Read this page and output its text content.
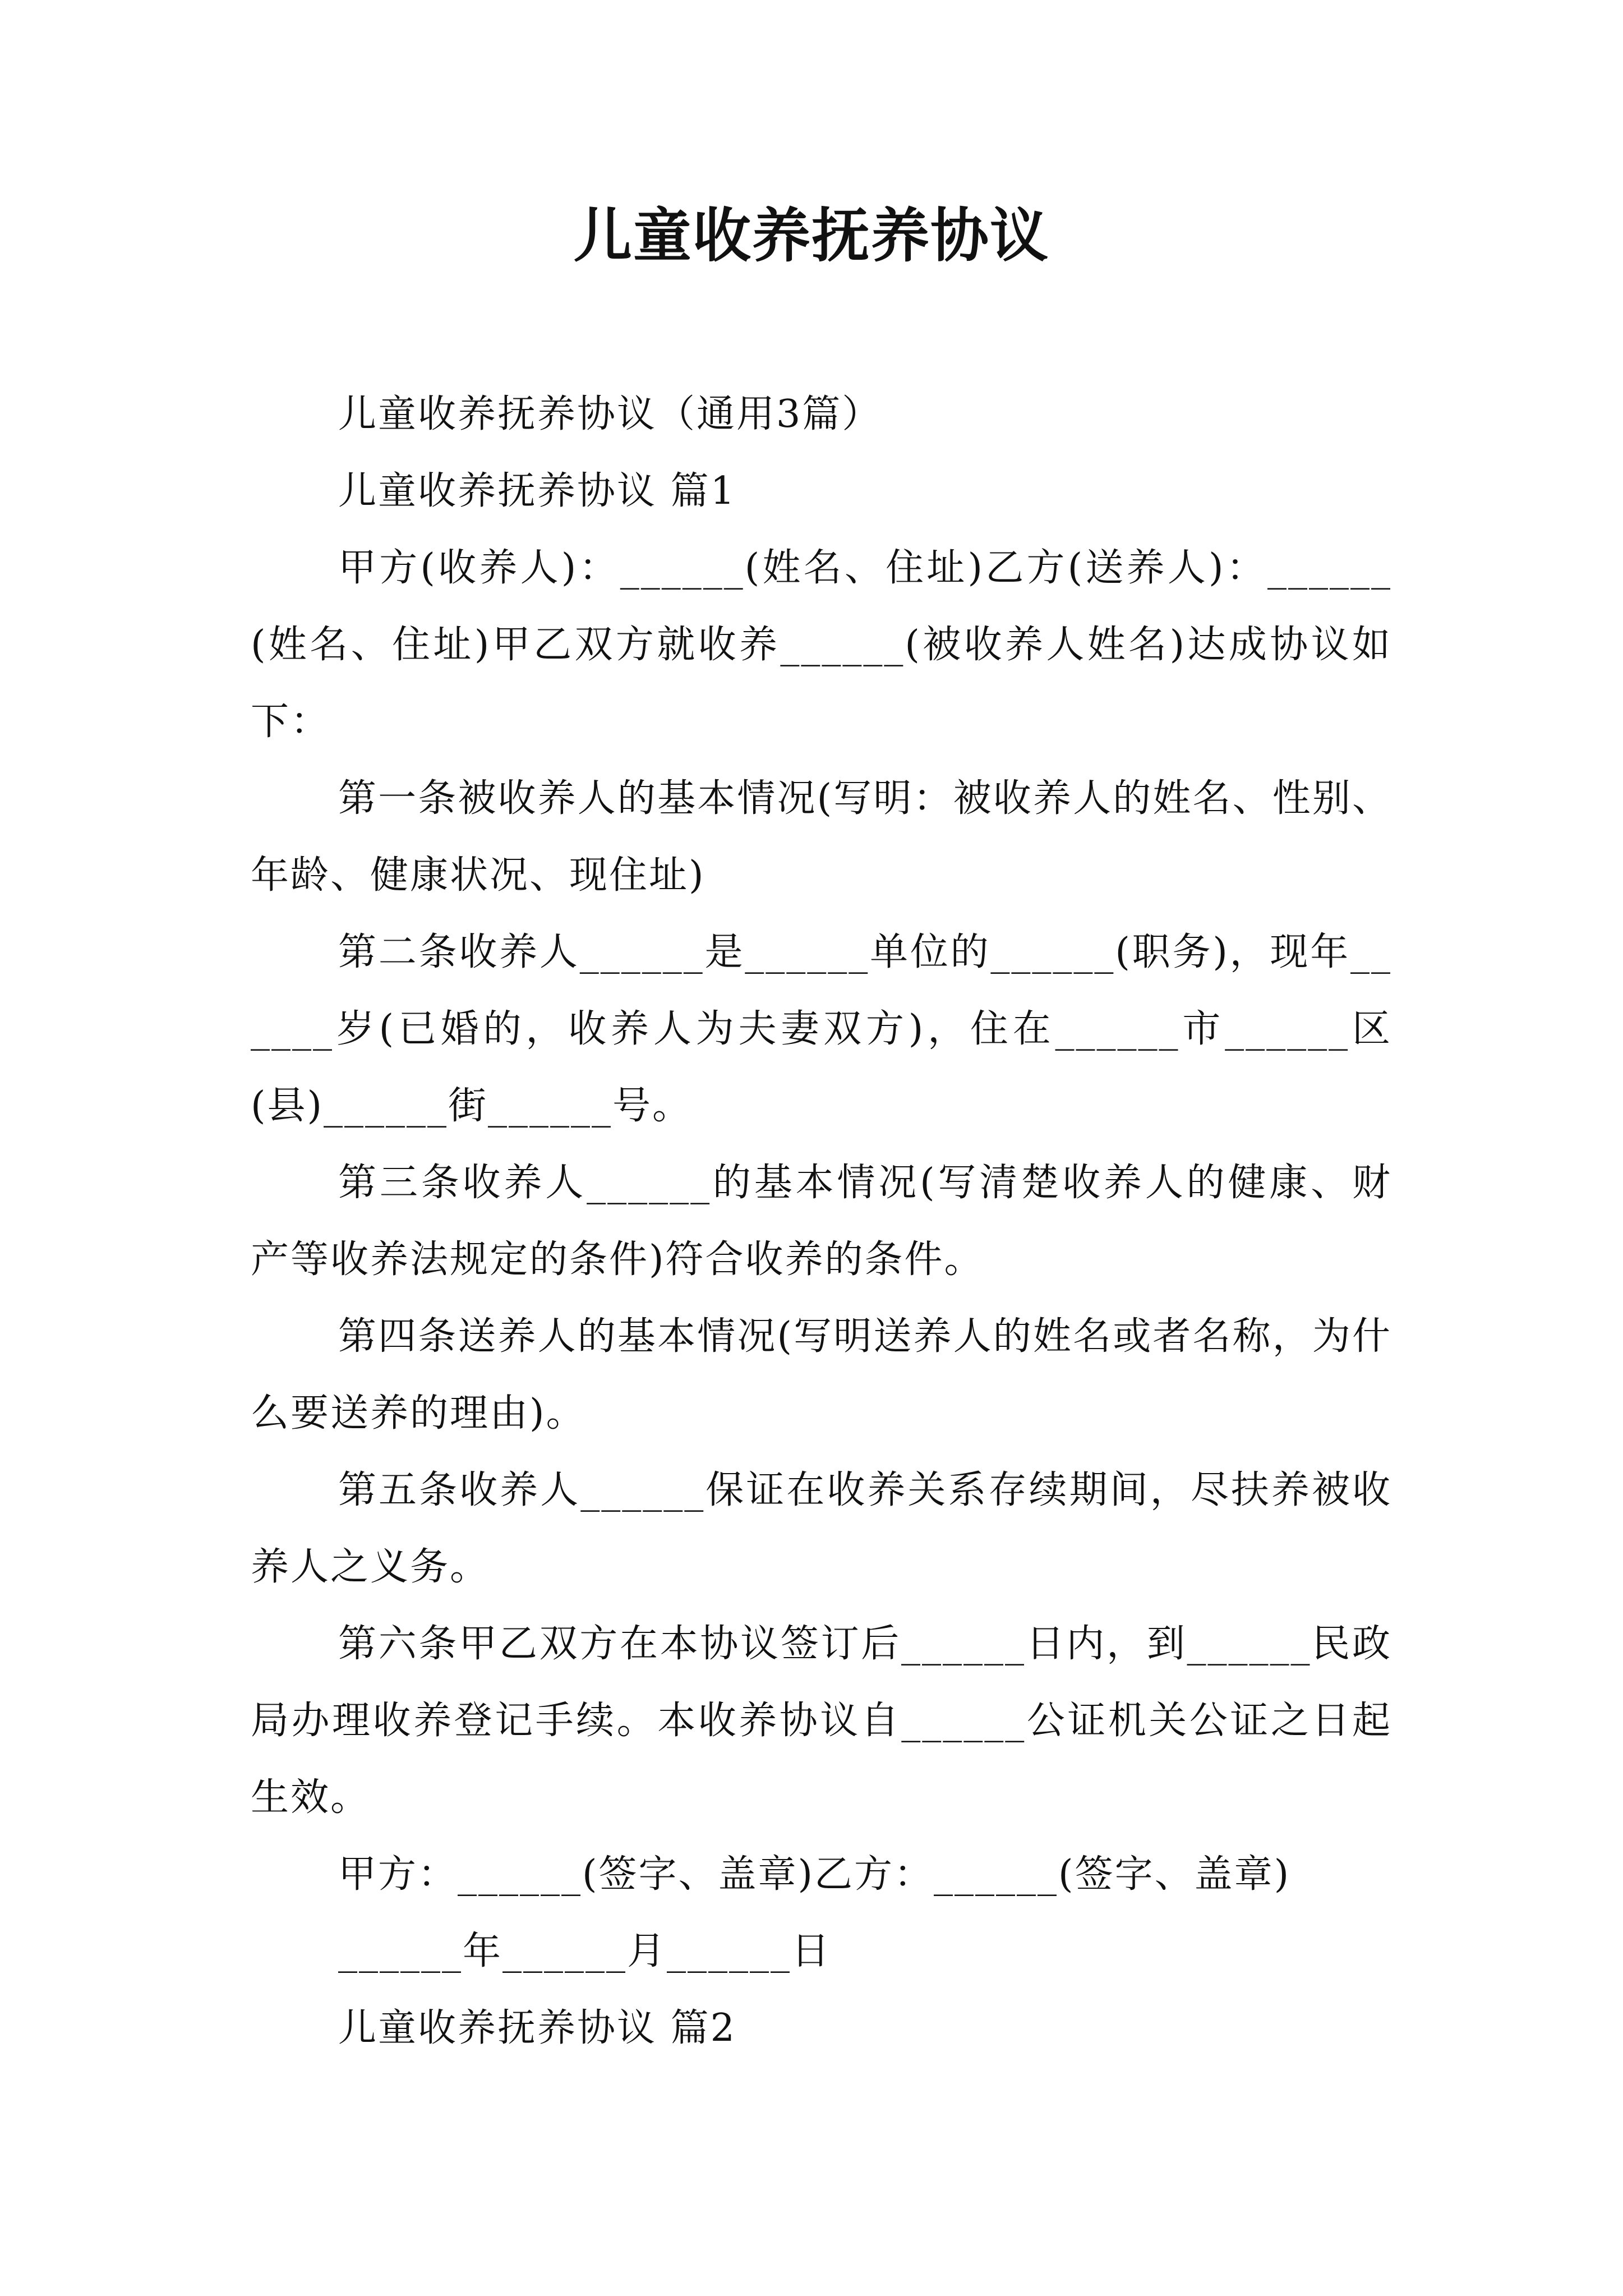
儿童收养抚养协议

儿童收养抚养协议（通用3篇）

儿童收养抚养协议 篇1

甲方(收养人)：______(姓名、住址)乙方(送养人)：______(姓名、住址)甲乙双方就收养______(被收养人姓名)达成协议如下：

第一条被收养人的基本情况(写明：被收养人的姓名、性别、年龄、健康状况、现住址)

第二条收养人______是______单位的______(职务)，现年______岁(已婚的，收养人为夫妻双方)，住在______市______区(县)______街______号。

第三条收养人______的基本情况(写清楚收养人的健康、财产等收养法规定的条件)符合收养的条件。

第四条送养人的基本情况(写明送养人的姓名或者名称，为什么要送养的理由)。

第五条收养人______保证在收养关系存续期间，尽扶养被收养人之义务。

第六条甲乙双方在本协议签订后______日内，到______民政局办理收养登记手续。本收养协议自______公证机关公证之日起生效。

甲方：______(签字、盖章)乙方：______(签字、盖章)

______年______月______日

儿童收养抚养协议 篇2
